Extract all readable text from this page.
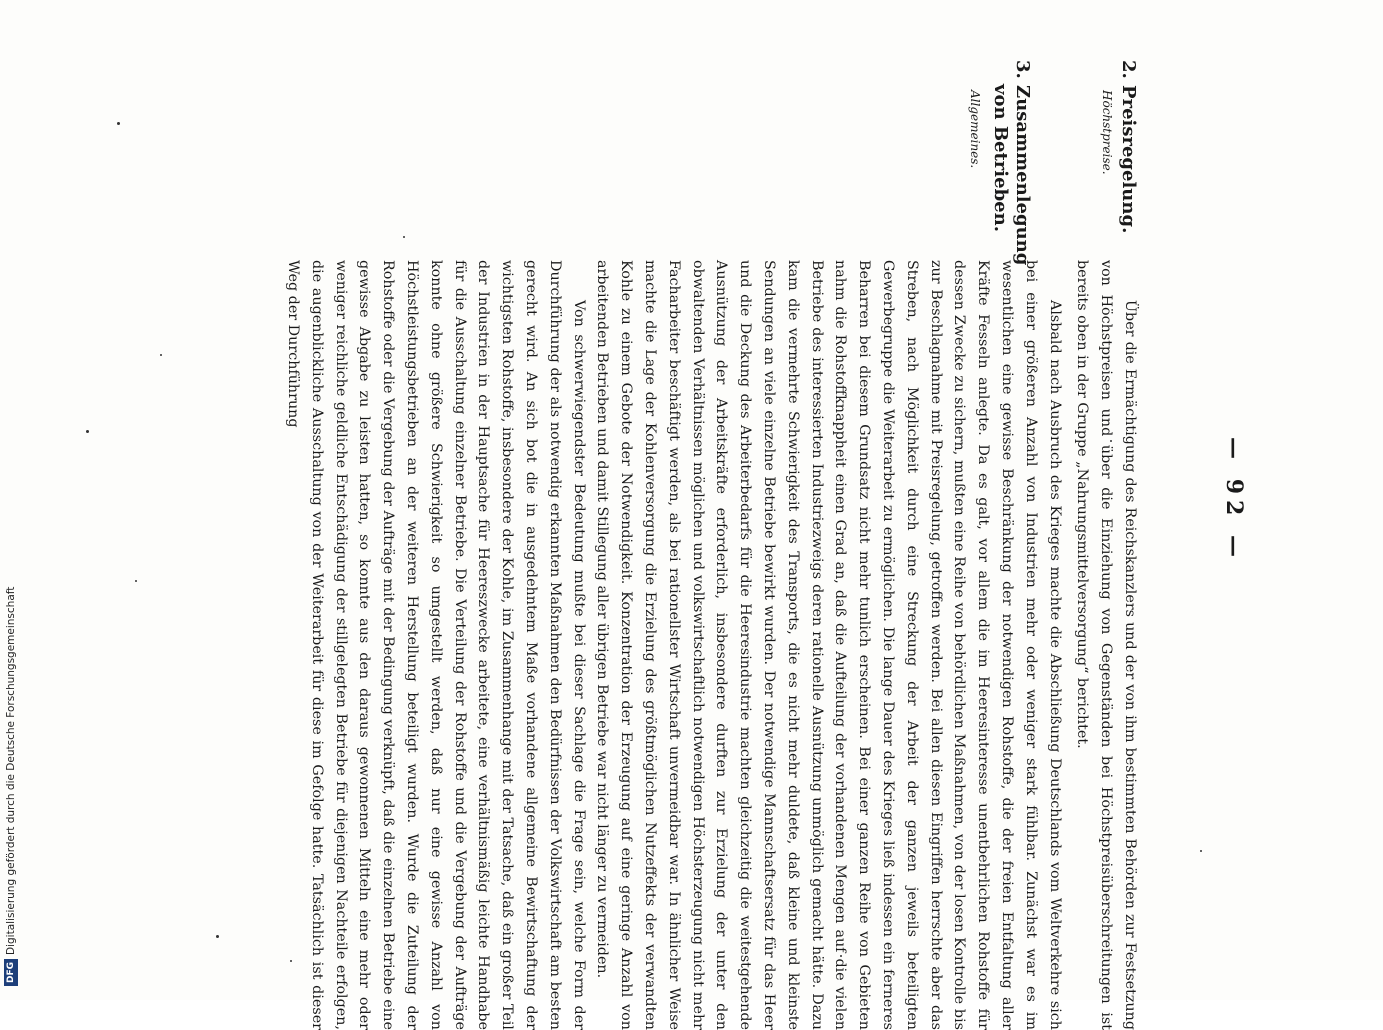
— 92 —
2. Preisregelung.
Höchstpreise.
3. Zusammenlegung
von Betrieben.
Allgemeines.

Über die Ermächtigung des Reichskanzlers und der von ihm bestimmten Behörden zur Festsetzung von Höchstpreisen und über die Einziehung von Gegenständen bei Höchstpreisüberschreitungen ist bereits oben in der Gruppe „Nahrungsmittelversorgung“ berichtet.

Alsbald nach Ausbruch des Krieges machte die Abschließung Deutschlands vom Weltverkehre sich bei einer größeren Anzahl von Industrien mehr oder weniger stark fühlbar. Zunächst war es im wesentlichen eine gewisse Beschränkung der notwendigen Rohstoffe, die der freien Entfaltung aller Kräfte Fesseln anlegte. Da es galt, vor allem die im Heeresinteresse unentbehrlichen Rohstoffe für dessen Zwecke zu sichern, mußten eine Reihe von behördlichen Maßnahmen, von der losen Kontrolle bis zur Beschlagnahme mit Preisregelung, getroffen werden. Bei allen diesen Eingriffen herrschte aber das Streben, nach Möglichkeit durch eine Streckung der Arbeit der ganzen jeweils beteiligten Gewerbegruppe die Weiterarbeit zu ermöglichen. Die lange Dauer des Krieges ließ indessen ein ferneres Beharren bei diesem Grundsatz nicht mehr tunlich erscheinen. Bei einer ganzen Reihe von Gebieten nahm die Rohstoffknappheit einen Grad an, daß die Aufteilung der vorhandenen Mengen auf die vielen Betriebe des interessierten Industriezweigs deren rationelle Ausnützung unmöglich gemacht hätte. Dazu kam die vermehrte Schwierigkeit des Transports, die es nicht mehr duldete, daß kleine und kleinste Sendungen an viele einzelne Betriebe bewirkt wurden. Der notwendige Mannschaftsersatz für das Heer und die Deckung des Arbeiterbedarfs für die Heeresindustrie machten gleichzeitig die weitestgehende Ausnützung der Arbeitskräfte erforderlich, insbesondere durften zur Erzielung der unter den obwaltenden Verhältnissen möglichen und volkswirtschaftlich notwendigen Höchsterzeugung nicht mehr Facharbeiter beschäftigt werden, als bei rationellster Wirtschaft unvermeidbar war. In ähnlicher Weise machte die Lage der Kohlenversorgung die Erzielung des größtmöglichen Nutzeffekts der verwandten Kohle zu einem Gebote der Notwendigkeit. Konzentration der Erzeugung auf eine geringe Anzahl von arbeitenden Betrieben und damit Stillegung aller übrigen Betriebe war nicht länger zu vermeiden.

Von schwerwiegendster Bedeutung mußte bei dieser Sachlage die Frage sein, welche Form der Durchführung der als notwendig erkannten Maßnahmen den Bedürfnissen der Volkswirtschaft am besten gerecht wird. An sich bot die in ausgedehntem Maße vorhandene allgemeine Bewirtschaftung der wichtigsten Rohstoffe, insbesondere der Kohle, im Zusammenhange mit der Tatsache, daß ein großer Teil der Industrien in der Hauptsache für Heereszwecke arbeitete, eine verhältnismäßig leichte Handhabe für die Ausschaltung einzelner Betriebe. Die Verteilung der Rohstoffe und die Vergebung der Aufträge konnte ohne größere Schwierigkeit so umgestellt werden, daß nur eine gewisse Anzahl von Höchstleistungsbetrieben an der weiteren Herstellung beteiligt wurden. Wurde die Zuteilung der Rohstoffe oder die Vergebung der Aufträge mit der Bedingung verknüpft, daß die einzelnen Betriebe eine gewisse Abgabe zu leisten hatten, so konnte aus den daraus gewonnenen Mitteln eine mehr oder weniger reichliche geldliche Entschädigung der stillgelegten Betriebe für diejenigen Nachteile erfolgen, die augenblickliche Ausschaltung von der Weiterarbeit für diese im Gefolge hatte. Tatsächlich ist dieser Weg der Durchführung

DFGDigitalisierung gefördert durch die Deutsche Forschungsgemeinschaft
